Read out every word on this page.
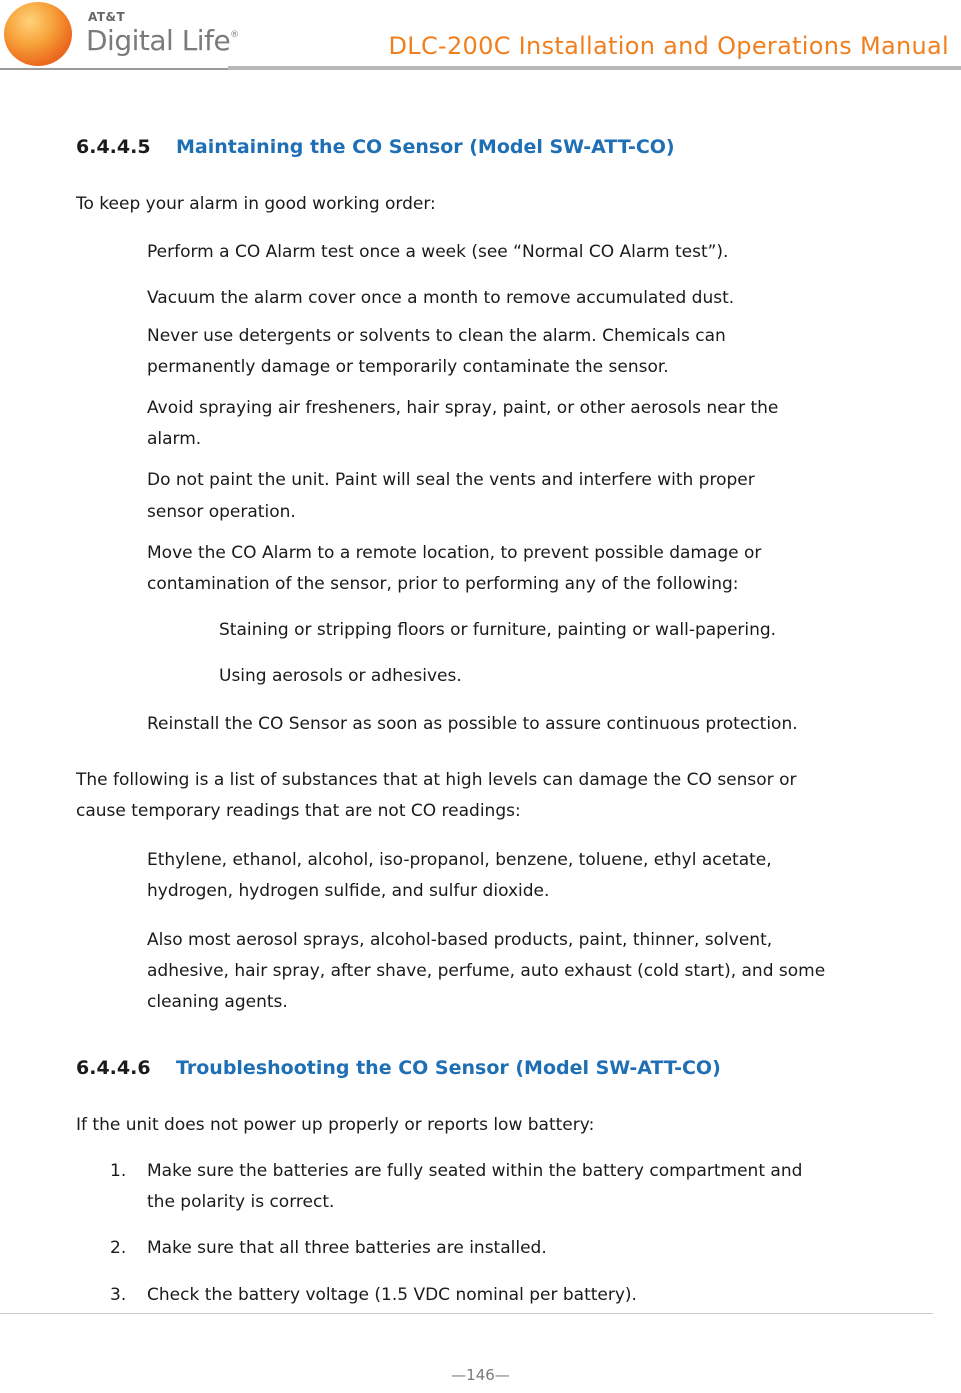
AT&T
Digital Life®	DLC-200C Installation and Operations Manual
6.4.4.5 Maintaining the CO Sensor (Model SW-ATT-CO)
To keep your alarm in good working order:
Perform a CO Alarm test once a week (see “Normal CO Alarm test”).
Vacuum the alarm cover once a month to remove accumulated dust.
Never use detergents or solvents to clean the alarm. Chemicals can
permanently damage or temporarily contaminate the sensor.
Avoid spraying air fresheners, hair spray, paint, or other aerosols near the
alarm.
Do not paint the unit. Paint will seal the vents and interfere with proper
sensor operation.
Move the CO Alarm to a remote location, to prevent possible damage or
contamination of the sensor, prior to performing any of the following:
Staining or stripping floors or furniture, painting or wall-papering.
Using aerosols or adhesives.
Reinstall the CO Sensor as soon as possible to assure continuous protection.
The following is a list of substances that at high levels can damage the CO sensor or
cause temporary readings that are not CO readings:
Ethylene, ethanol, alcohol, iso-propanol, benzene, toluene, ethyl acetate,
hydrogen, hydrogen sulfide, and sulfur dioxide.
Also most aerosol sprays, alcohol-based products, paint, thinner, solvent,
adhesive, hair spray, after shave, perfume, auto exhaust (cold start), and some
cleaning agents.
6.4.4.6 Troubleshooting the CO Sensor (Model SW-ATT-CO)
If the unit does not power up properly or reports low battery:
1. Make sure the batteries are fully seated within the battery compartment and
the polarity is correct.
2. Make sure that all three batteries are installed.
3. Check the battery voltage (1.5 VDC nominal per battery).
—146—
